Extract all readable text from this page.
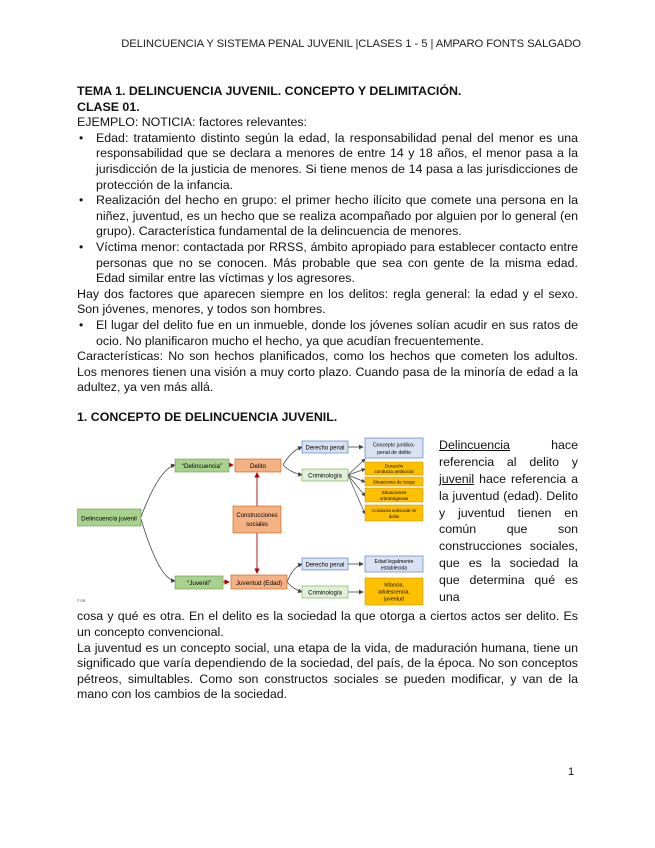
DELINCUENCIA Y SISTEMA PENAL JUVENIL |CLASES 1 - 5 | AMPARO FONTS SALGADO

TEMA 1. DELINCUENCIA JUVENIL. CONCEPTO Y DELIMITACIÓN.

CLASE 01.

EJEMPLO: NOTICIA: factores relevantes:

• Edad: tratamiento distinto según la edad, la responsabilidad penal del menor es una responsabilidad que se declara a menores de entre 14 y 18 años, el menor pasa a la jurisdicción de la justicia de menores. Si tiene menos de 14 pasa a las jurisdicciones de protección de la infancia.
• Realización del hecho en grupo: el primer hecho ilícito que comete una persona en la niñez, juventud, es un hecho que se realiza acompañado por alguien por lo general (en grupo). Característica fundamental de la delincuencia de menores.
• Víctima menor: contactada por RRSS, ámbito apropiado para establecer contacto entre personas que no se conocen. Más probable que sea con gente de la misma edad. Edad similar entre las víctimas y los agresores.

Hay dos factores que aparecen siempre en los delitos: regla general: la edad y el sexo. Son jóvenes, menores, y todos son hombres.

• El lugar del delito fue en un inmueble, donde los jóvenes solían acudir en sus ratos de ocio. No planificaron mucho el hecho, ya que acudían frecuentemente.

Características: No son hechos planificados, como los hechos que cometen los adultos. Los menores tienen una visión a muy corto plazo. Cuando pasa de la minoría de edad a la adultez, ya ven más allá.

1. CONCEPTO DE DELINCUENCIA JUVENIL.

Delincuencia juvenil
“Delincuencia”	Delito
Construcciones
sociales
“Juvenil”	Juventud (Edad)
Derecho penal
Criminología
Derecho penal
Criminología
Concepto jurídico-
penal de delito
Duración
conducta antisocial
Situaciones de riesgo
Situaciones
criminógenas
Conducta antisocial vs
delito
Edad legalmente
establecida
Infancia,
adolescencia,
juventud
© EB
Delincuencia hace referencia al delito y juvenil hace referencia a la juventud (edad). Delito y juventud tienen en común que son construcciones sociales, que es la sociedad la que determina qué es una

cosa y qué es otra. En el delito es la sociedad la que otorga a ciertos actos ser delito. Es un concepto convencional.

La juventud es un concepto social, una etapa de la vida, de maduración humana, tiene un significado que varía dependiendo de la sociedad, del país, de la época. No son conceptos pétreos, simultables. Como son constructos sociales se pueden modificar, y van de la mano con los cambios de la sociedad.

1
